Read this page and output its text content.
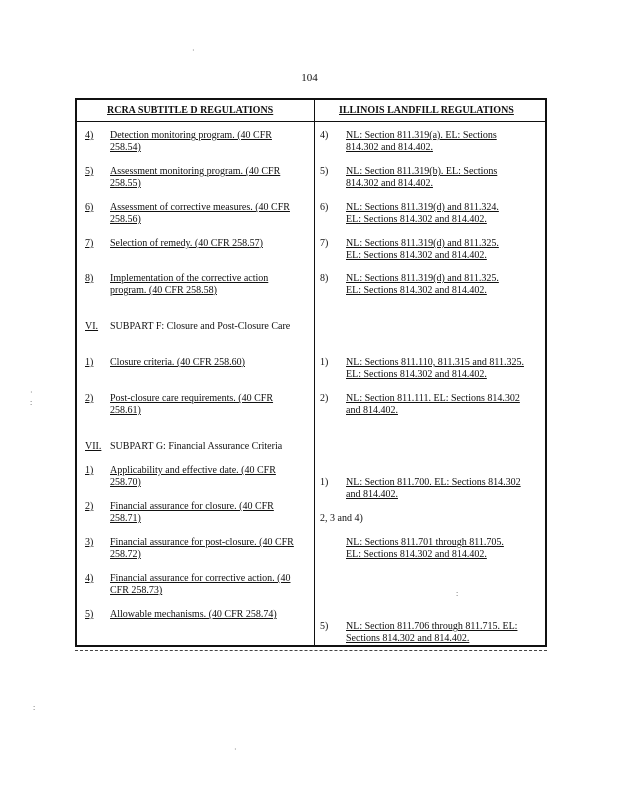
104
RCRA SUBTITLE D REGULATIONS	ILLINOIS LANDFILL REGULATIONS
4) Detection monitoring program. (40 CFR 258.54)
5) Assessment monitoring program. (40 CFR 258.55)
6) Assessment of corrective measures. (40 CFR 258.56)
7) Selection of remedy. (40 CFR 258.57)
8) Implementation of the corrective action program. (40 CFR 258.58)
VI. SUBPART F: Closure and Post-Closure Care
1) Closure criteria. (40 CFR 258.60)
2) Post-closure care requirements. (40 CFR 258.61)
VII. SUBPART G: Financial Assurance Criteria
1) Applicability and effective date. (40 CFR 258.70)
2) Financial assurance for closure. (40 CFR 258.71)
3) Financial assurance for post-closure. (40 CFR 258.72)
4) Financial assurance for corrective action. (40 CFR 258.73)
5) Allowable mechanisms. (40 CFR 258.74)
4) NL: Section 811.319(a). EL: Sections
814.302 and 814.402.
5) NL: Section 811.319(b). EL: Sections
814.302 and 814.402.
6) NL: Sections 811.319(d) and 811.324.
EL: Sections 814.302 and 814.402.
7) NL: Sections 811.319(d) and 811.325.
EL: Sections 814.302 and 814.402.
8) NL: Sections 811.319(d) and 811.325.
EL: Sections 814.302 and 814.402.
1) NL: Sections 811.110, 811.315 and 811.325.
EL: Sections 814.302 and 814.402.
2) NL: Section 811.111. EL: Sections 814.302
and 814.402.
1) NL: Section 811.700. EL: Sections 814.302
and 814.402.
2, 3 and 4)
NL: Sections 811.701 through 811.705.
EL: Sections 814.302 and 814.402.
5) NL: Section 811.706 through 811.715. EL:
Sections 814.302 and 814.402.
·
·
:
:
·
:
